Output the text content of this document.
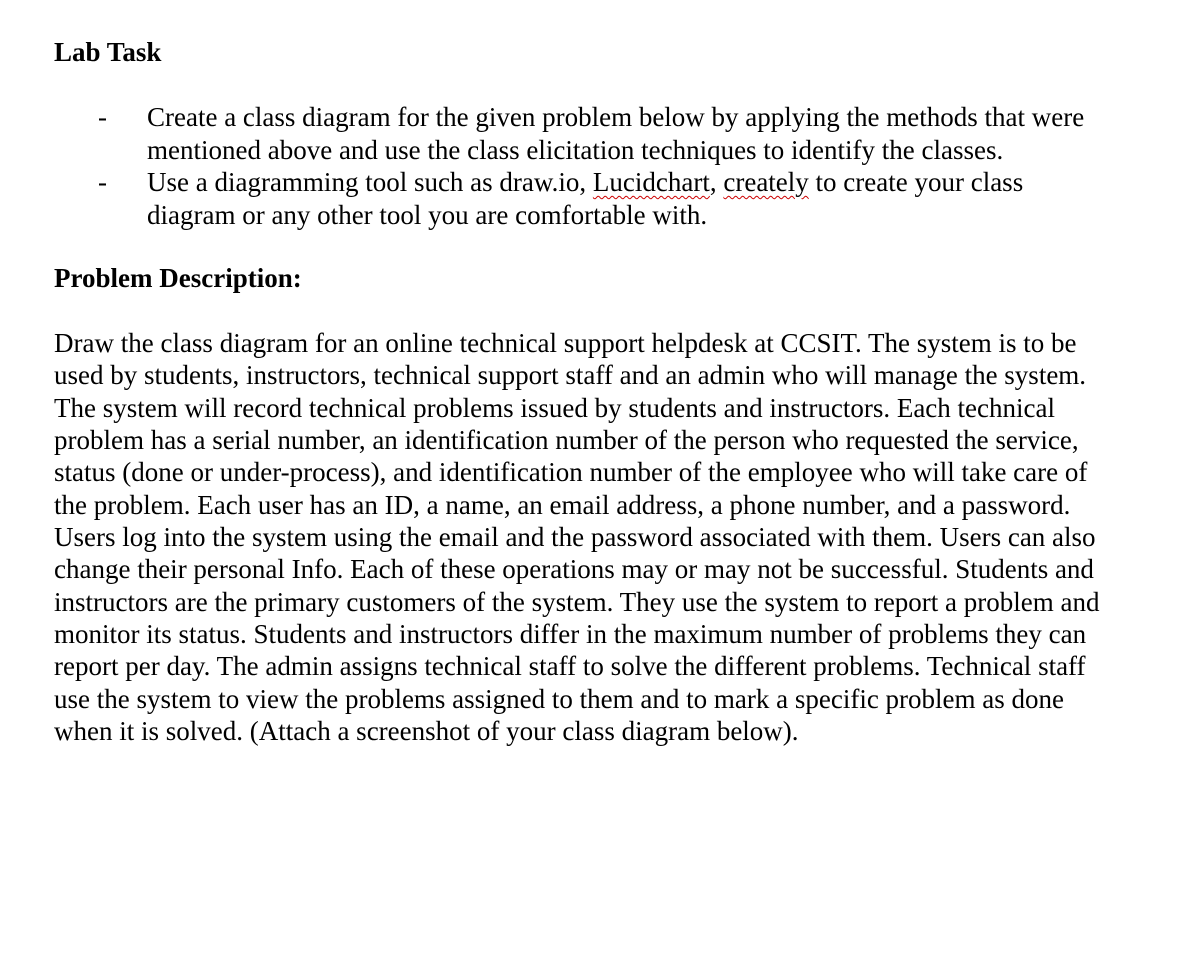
Lab Task
- Create a class diagram for the given problem below by applying the methods that were
mentioned above and use the class elicitation techniques to identify the classes.
- Use a diagramming tool such as draw.io, Lucidchart, creately to create your class
diagram or any other tool you are comfortable with.
Problem Description:

Draw the class diagram for an online technical support helpdesk at CCSIT. The system is to be
used by students, instructors, technical support staff and an admin who will manage the system.
The system will record technical problems issued by students and instructors. Each technical
problem has a serial number, an identification number of the person who requested the service,
status (done or under-process), and identification number of the employee who will take care of
the problem. Each user has an ID, a name, an email address, a phone number, and a password.
Users log into the system using the email and the password associated with them. Users can also
change their personal Info. Each of these operations may or may not be successful. Students and
instructors are the primary customers of the system. They use the system to report a problem and
monitor its status. Students and instructors differ in the maximum number of problems they can
report per day. The admin assigns technical staff to solve the different problems. Technical staff
use the system to view the problems assigned to them and to mark a specific problem as done
when it is solved. (Attach a screenshot of your class diagram below).
